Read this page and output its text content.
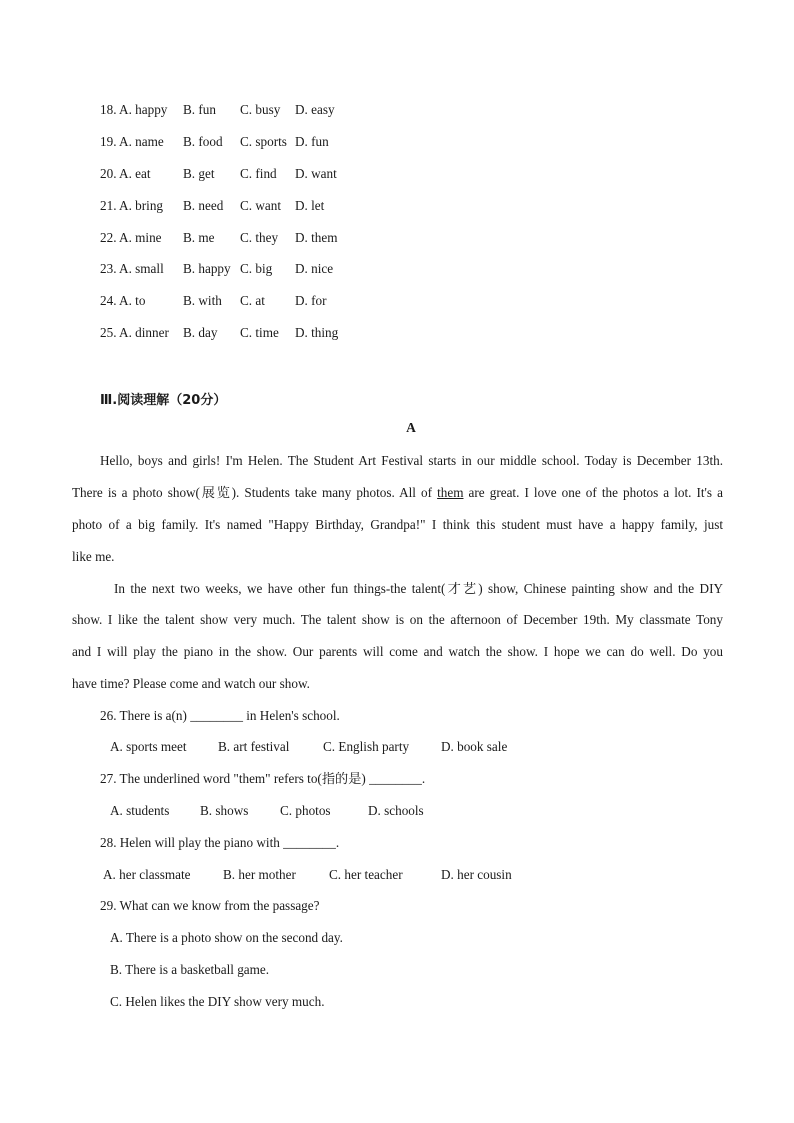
18. A. happy B. fun C. busy D. easy
19. A. name B. food C. sports D. fun
20. A. eat B. get C. find D. want
21. A. bring B. need C. want D. let
22. A. mine B. me C. they D. them
23. A. small B. happy C. big D. nice
24. A. to	B. with C. at D. for
25. A. dinner B. day C. time D. thing
Ⅲ.阅读理解（20分）
A
Hello, boys and girls! I'm Helen. The Student Art Festival starts in our middle school. Today is December 13th.
There is a photo show(展览). Students take many photos. All of them are great. I love one of the photos a lot. It's a
photo of a big family. It's named "Happy Birthday, Grandpa!" I think this student must have a happy family, just
like me.
In the next two weeks, we have other fun things-the talent(才艺) show, Chinese painting show and the DIY
show. I like the talent show very much. The talent show is on the afternoon of December 19th. My classmate Tony
and I will play the piano in the show. Our parents will come and watch the show. I hope we can do well. Do you
have time? Please come and watch our show.
26. There is a(n) ________ in Helen's school.
A. sports meet B. art festival	C. English party D. book sale
27. The underlined word "them" refers to(指的是) ________.
A. students B. shows C. photos	D. schools
28. Helen will play the piano with ________.
A. her classmate B. her mother	C. her teacher	D. her cousin
29. What can we know from the passage?
A. There is a photo show on the second day.
B. There is a basketball game.
C. Helen likes the DIY show very much.
